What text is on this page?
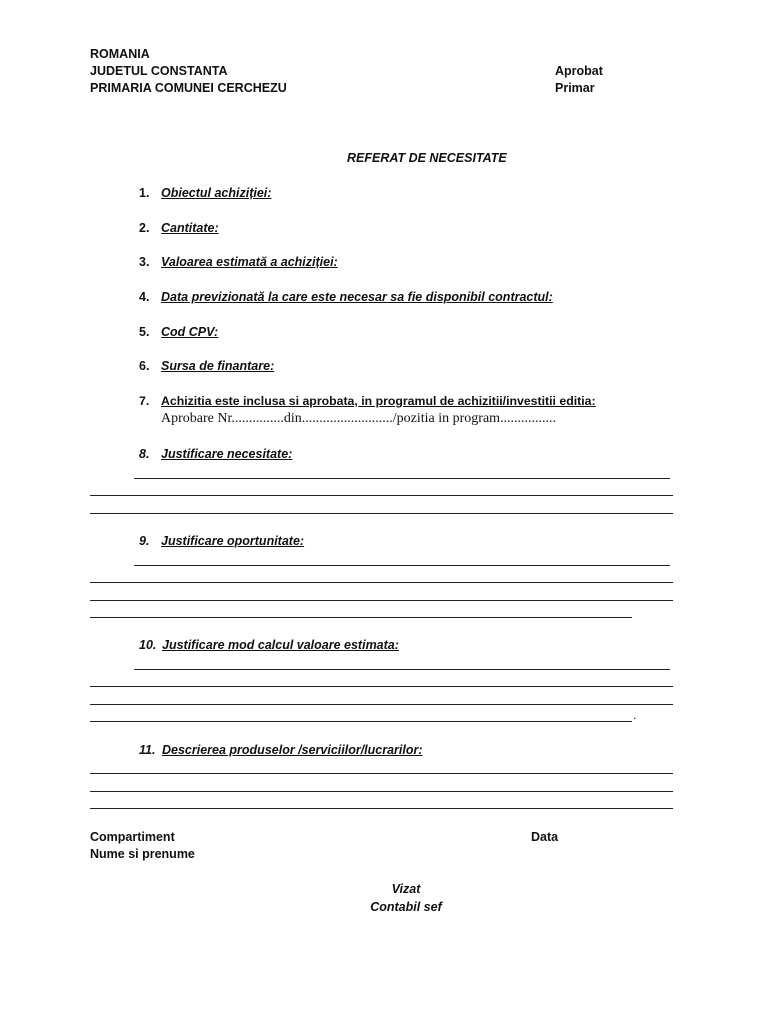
ROMANIA
JUDETUL CONSTANTA
PRIMARIA COMUNEI CERCHEZU
Aprobat
Primar
REFERAT DE NECESITATE
1. Obiectul achiziției:
2. Cantitate:
3. Valoarea estimată a achiziției:
4. Data previzionată la care este necesar sa fie disponibil contractul:
5. Cod CPV:
6. Sursa de finantare:
7. Achizitia este inclusa si aprobata, in programul de achizitii/investitii editia:
Aprobare Nr...............din........................../pozitia in program................
8. Justificare necesitate:
9. Justificare oportunitate:
10. Justificare mod calcul valoare estimata:
.
11. Descrierea produselor /serviciilor/lucrarilor:
Compartiment
Nume si prenume
Data
Vizat
Contabil sef
